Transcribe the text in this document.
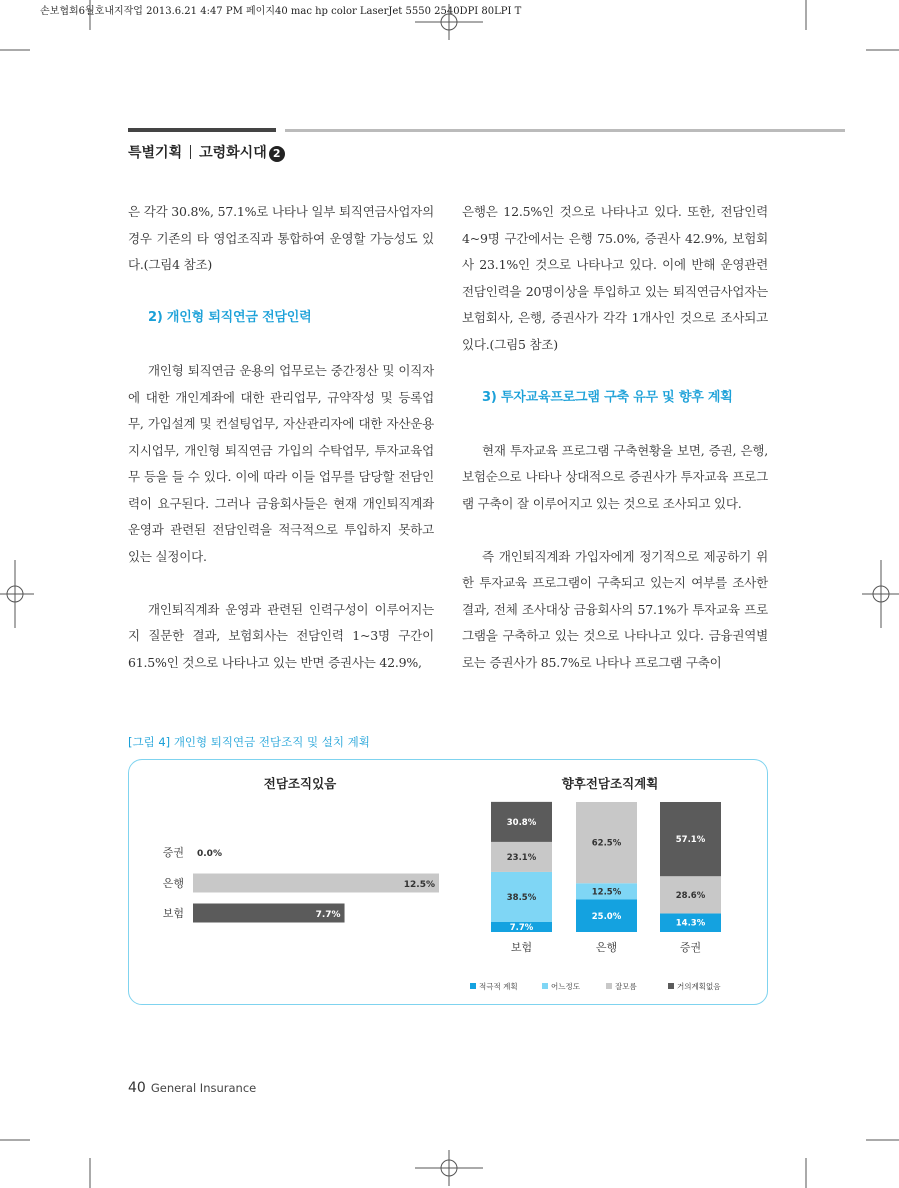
손보협회6월호내지작업 2013.6.21 4:47 PM 페이지40 mac hp color LaserJet 5550 2540DPI 80LPI T
특별기획 고령화시대 2

은 각각 30.8%, 57.1%로 나타나 일부 퇴직연금사업자의 경우 기존의 타 영업조직과 통합하여 운영할 가능성도 있다.(그림4 참조)

2) 개인형 퇴직연금 전담인력

개인형 퇴직연금 운용의 업무로는 중간정산 및 이직자에 대한 개인계좌에 대한 관리업무, 규약작성 및 등록업무, 가입설계 및 컨설팅업무, 자산관리자에 대한 자산운용 지시업무, 개인형 퇴직연금 가입의 수탁업무, 투자교육업무 등을 들 수 있다. 이에 따라 이들 업무를 담당할 전담인력이 요구된다. 그러나 금융회사들은 현재 개인퇴직계좌 운영과 관련된 전담인력을 적극적으로 투입하지 못하고 있는 실정이다.

개인퇴직계좌 운영과 관련된 인력구성이 이루어지는지 질문한 결과, 보험회사는 전담인력 1~3명 구간이 61.5%인 것으로 나타나고 있는 반면 증권사는 42.9%,

은행은 12.5%인 것으로 나타나고 있다. 또한, 전담인력 4~9명 구간에서는 은행 75.0%, 증권사 42.9%, 보험회사 23.1%인 것으로 나타나고 있다. 이에 반해 운영관련 전담인력을 20명이상을 투입하고 있는 퇴직연금사업자는 보험회사, 은행, 증권사가 각각 1개사인 것으로 조사되고 있다.(그림5 참조)

3) 투자교육프로그램 구축 유무 및 향후 계획

현재 투자교육 프로그램 구축현황을 보면, 증권, 은행, 보험순으로 나타나 상대적으로 증권사가 투자교육 프로그램 구축이 잘 이루어지고 있는 것으로 조사되고 있다.

즉 개인퇴직계좌 가입자에게 정기적으로 제공하기 위한 투자교육 프로그램이 구축되고 있는지 여부를 조사한 결과, 전체 조사대상 금융회사의 57.1%가 투자교육 프로그램을 구축하고 있는 것으로 나타나고 있다. 금융권역별로는 증권사가 85.7%로 나타나 프로그램 구축이

[그림 4] 개인형 퇴직연금 전담조직 및 설치 계획
전담조직있음
증권 0.0%
은행	12.5%
보험	7.7%
향후전담조직계획
7.7%
38.5%
23.1%
30.8%
보험
25.0%
12.5%
62.5%
은행
14.3%
28.6%
57.1%
증권
적극적 계획	어느정도	잘모름	거의계획없음
40 General Insurance
